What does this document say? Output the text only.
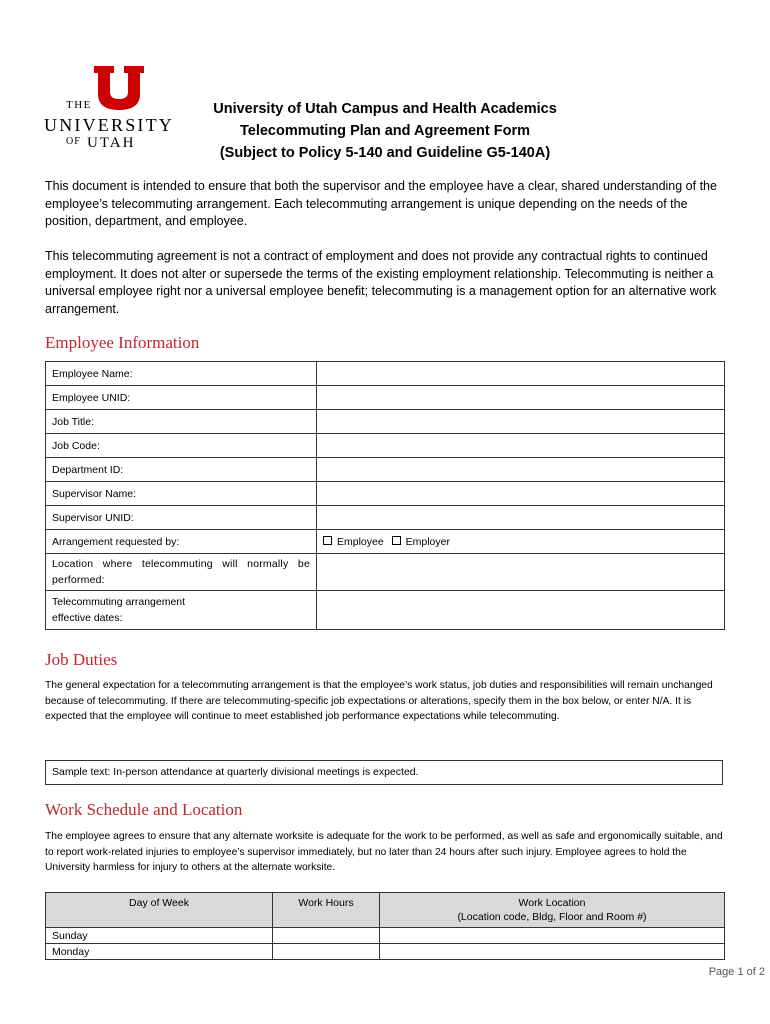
THE
UNIVERSITY
OF UTAH
University of Utah Campus and Health Academics
Telecommuting Plan and Agreement Form
(Subject to Policy 5-140 and Guideline G5-140A)
This document is intended to ensure that both the supervisor and the employee have a clear, shared understanding of the employee’s telecommuting arrangement. Each telecommuting arrangement is unique depending on the needs of the position, department, and employee.
This telecommuting agreement is not a contract of employment and does not provide any contractual rights to continued employment. It does not alter or supersede the terms of the existing employment relationship. Telecommuting is neither a universal employee right nor a universal employee benefit; telecommuting is a management option for an alternative work arrangement.
Employee Information
Employee Name:	
Employee UNID:	
Job Title:	
Job Code:	
Department ID:	
Supervisor Name:	
Supervisor UNID:	
Arrangement requested by:	Employee Employer
Location where telecommuting will normally be performed:	
Telecommuting arrangement effective dates:	
Job Duties
The general expectation for a telecommuting arrangement is that the employee’s work status, job duties and responsibilities will remain unchanged because of telecommuting. If there are telecommuting-specific job expectations or alterations, specify them in the box below, or enter N/A. It is expected that the employee will continue to meet established job performance expectations while telecommuting.
Sample text: In-person attendance at quarterly divisional meetings is expected.
Work Schedule and Location
The employee agrees to ensure that any alternate worksite is adequate for the work to be performed, as well as safe and ergonomically suitable, and to report work-related injuries to employee’s supervisor immediately, but no later than 24 hours after such injury. Employee agrees to hold the University harmless for injury to others at the alternate worksite.
Day of Week	Work Hours	Work Location
(Location code, Bldg, Floor and Room #)

Sunday		
Monday		
Page 1 of 2
